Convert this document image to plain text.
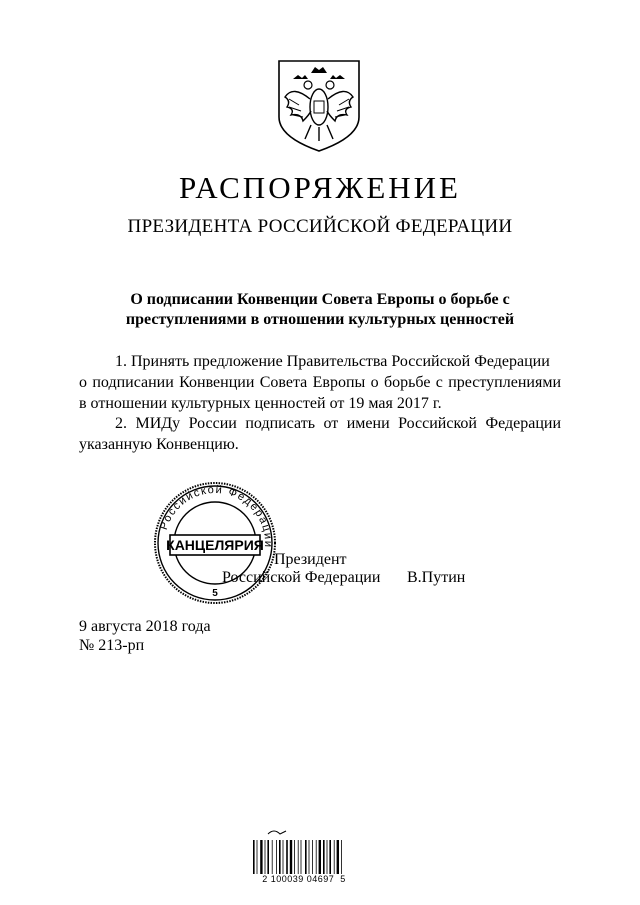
РАСПОРЯЖЕНИЕ
ПРЕЗИДЕНТА РОССИЙСКОЙ ФЕДЕРАЦИИ
О подписании Конвенции Совета Европы о борьбе с
преступлениями в отношении культурных ценностей
1. Принять предложение Правительства Российской Федерации
о подписании Конвенции Совета Европы о борьбе с преступлениями
в отношении культурных ценностей от 19 мая 2017 г.
2. МИДу России подписать от имени Российской Федерации
указанную Конвенцию.
Президент
Российской Федерации В.Путин
Российской Федерации
КАНЦЕЛЯРИЯ
5
9 августа 2018 года
№ 213-рп
2 100039 04697  5
